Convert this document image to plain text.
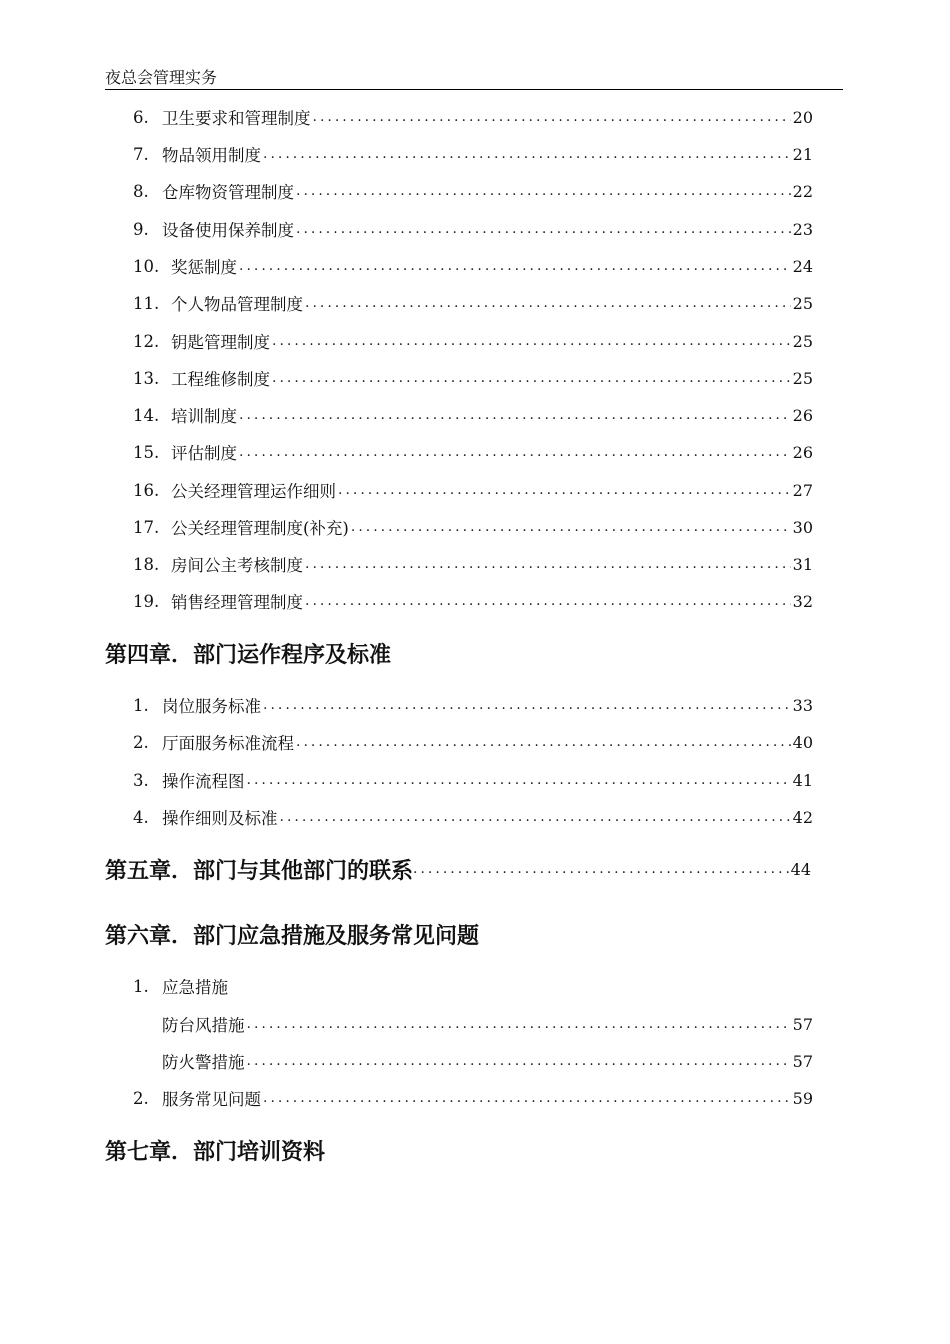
夜总会管理实务
6. 卫生要求和管理制度 .....	20
7. 物品领用制度 .....	21
8. 仓库物资管理制度 .....	22
9. 设备使用保养制度 .....	23
10. 奖惩制度 .....	24
11. 个人物品管理制度 .....	25
12. 钥匙管理制度 .....	25
13. 工程维修制度 .....	25
14. 培训制度 .....	26
15. 评估制度 .....	26
16. 公关经理管理运作细则 .....	27
17. 公关经理管理制度(补充) .....	30
18. 房间公主考核制度 .....	31
19. 销售经理管理制度 .....	32
第四章．部门运作程序及标准
1. 岗位服务标准 .....	33
2. 厅面服务标准流程 .....	40
3. 操作流程图 .....	41
4. 操作细则及标准 .....	42
第五章．部门与其他部门的联系 .....	44
第六章．部门应急措施及服务常见问题
1. 应急措施
防台风措施 .....	57
防火警措施 .....	57
2. 服务常见问题 .....	59
第七章．部门培训资料
